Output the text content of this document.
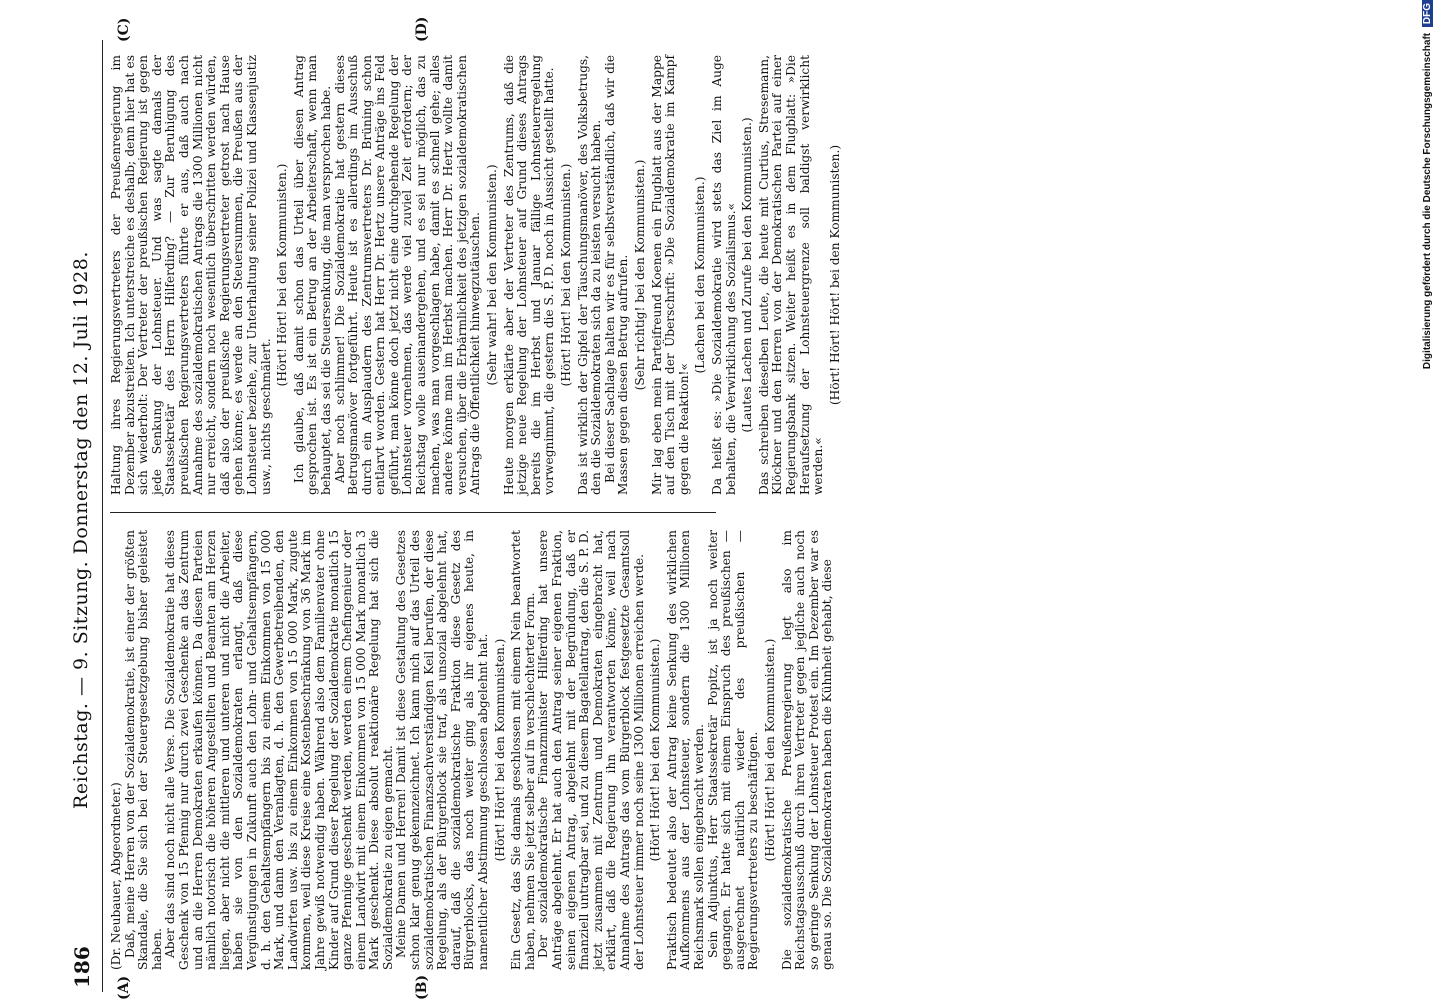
186
Reichstag. — 9. Sitzung. Donnerstag den 12. Juli 1928.
(A)	(B)
(C)	(D)

(Dr. Neubauer, Abgeordneter.) Daß, meine Herren von der Sozialdemokratie, ist einer der größten Skandale, die Sie sich bei der Steuergesetzgebung bisher geleistet haben. Aber das sind noch nicht alle Verse. Die Sozialdemokratie hat dieses Geschenk von 15 Pfennig nur durch zwei Geschenke an das Zentrum und an die Herren Demokraten erkaufen können. Da diesen Parteien nämlich notorisch die höheren Angestellten und Beamten am Herzen liegen, aber nicht die mittleren und unteren und nicht die Arbeiter, haben sie von den Sozialdemokraten erlangt, daß diese Vergünstigungen in Zukunft auch den Lohn- und Gehaltsempfängern, d. h. den Gehaltsempfängern bis zu einem Einkommen von 15 000 Mark, und dann den Veranlagten, d. h. den Gewerbetreibenden, den Landwirten usw. bis zu einem Einkommen von 15 000 Mark, zugute kommen, weil diese Kreise eine Kostenbeschränkung von 36 Mark im Jahre gewiß notwendig haben. Während also dem Familienvater ohne Kinder auf Grund dieser Regelung der Sozialdemokratie monatlich 15 ganze Pfennige geschenkt werden, werden einem Chefingenieur oder einem Landwirt mit einem Einkommen von 15 000 Mark monatlich 3 Mark geschenkt. Diese absolut reaktionäre Regelung hat sich die Sozialdemokratie zu eigen gemacht. Meine Damen und Herren! Damit ist diese Gestaltung des Gesetzes schon klar genug gekennzeichnet. Ich kann mich auf das Urteil des sozialdemokratischen Finanzsachverständigen Keil berufen, der diese Regelung, als der Bürgerblock sie traf, als unsozial abgelehnt hat, darauf, daß die sozialdemokratische Fraktion diese Gesetz des Bürgerblocks, das noch weiter ging als ihr eigenes heute, in namentlicher Abstimmung geschlossen abgelehnt hat. (Hört! Hört! bei den Kommunisten.) Ein Gesetz, das Sie damals geschlossen mit einem Nein beantwortet haben, nehmen Sie jetzt selber auf in verschlechterter Form. Der sozialdemokratische Finanzminister Hilferding hat unsere Anträge abgelehnt. Er hat auch den Antrag seiner eigenen Fraktion, seinen eigenen Antrag, abgelehnt mit der Begründung, daß er finanziell untragbar sei, und zu diesem Bagatellantrag, den die S. P. D. jetzt zusammen mit Zentrum und Demokraten eingebracht hat, erklärt, daß die Regierung ihn verantworten könne, weil nach Annahme des Antrags das vom Bürgerblock festgesetzte Gesamtsoll der Lohnsteuer immer noch seine 1300 Millionen erreichen werde. (Hört! Hört! bei den Kommunisten.) Praktisch bedeutet also der Antrag keine Senkung des wirklichen Aufkommens aus der Lohnsteuer, sondern die 1300 Millionen Reichsmark sollen eingebracht werden. Sein Adjunktus, Herr Staatssekretär Popitz, ist ja noch weiter gegangen. Er hatte sich mit einem Einspruch des preußischen — ausgerechnet natürlich wieder des preußischen — Regierungsvertreters zu beschäftigen. (Hört! Hört! bei den Kommunisten.) Die sozialdemokratische Preußenregierung legt also im Reichstagsausschuß durch ihren Vertreter gegen jegliche auch noch so geringe Senkung der Lohnsteuer Protest ein. Im Dezember war es genau so. Die Sozialdemokraten haben die Kühnheit gehabt, diese

Haltung ihres Regierungsvertreters der Preußenregierung im Dezember abzustreiten. Ich unterstreiche es deshalb; denn hier hat es sich wiederholt: Der Vertreter der preußischen Regierung ist gegen jede Senkung der Lohnsteuer. Und was sagte damals der Staatssekretär des Herrn Hilferding? — Zur Beruhigung des preußischen Regierungsvertreters führte er aus, daß auch nach Annahme des sozialdemokratischen Antrags die 1300 Millionen nicht nur erreicht, sondern noch wesentlich überschritten werden würden, daß also der preußische Regierungsvertreter getrost nach Hause gehen könne; es werde an den Steuersummen, die Preußen aus der Lohnsteuer beziehe, zur Unterhaltung seiner Polizei und Klassenjustiz usw., nichts geschmälert.

(Hört! Hört! bei den Kommunisten.) Ich glaube, daß damit schon das Urteil über diesen Antrag gesprochen ist. Es ist ein Betrug an der Arbeiterschaft, wenn man behauptet, das sei die Steuersenkung, die man versprochen habe. Aber noch schlimmer! Die Sozialdemokratie hat gestern dieses Betrugsmanöver fortgeführt. Heute ist es allerdings im Ausschuß durch ein Ausplaudern des Zentrumsvertreters Dr. Brüning schon entlarvt worden. Gestern hat Herr Dr. Hertz unsere Anträge ins Feld geführt, man könne doch jetzt nicht eine durchgehende Regelung der Lohnsteuer vornehmen, das werde viel zuviel Zeit erfordern; der Reichstag wolle auseinandergehen, und es sei nur möglich, das zu machen, was man vorgeschlagen habe, damit es schnell gehe; alles andere könne man im Herbst machen. Herr Dr. Hertz wollte damit versuchen, über die Erbärmlichkeit des jetzigen sozialdemokratischen Antrags die Öffentlichkeit hinwegzutäuschen. (Sehr wahr! bei den Kommunisten.) Heute morgen erklärte aber der Vertreter des Zentrums, daß die jetzige neue Regelung der Lohnsteuer auf Grund dieses Antrags bereits die im Herbst und Januar fällige Lohnsteuerregelung vorwegnimmt, die gestern die S. P. D. noch in Aussicht gestellt hatte. (Hört! Hört! bei den Kommunisten.) Das ist wirklich der Gipfel der Täuschungsmanöver, des Volksbetrugs, den die Sozialdemokraten sich da zu leisten versucht haben. Bei dieser Sachlage halten wir es für selbstverständlich, daß wir die Massen gegen diesen Betrug aufrufen. (Sehr richtig! bei den Kommunisten.) Mir lag eben mein Parteifreund Koenen ein Flugblatt aus der Mappe auf den Tisch mit der Überschrift: »Die Sozialdemokratie im Kampf gegen die Reaktion!«

(Lachen bei den Kommunisten.) Da heißt es: »Die Sozialdemokratie wird stets das Ziel im Auge behalten, die Verwirklichung des Sozialismus.« (Lautes Lachen und Zurufe bei den Kommunisten.) Das schreiben dieselben Leute, die heute mit Curtius, Stresemann, Klöckner und den Herren von der Demokratischen Partei auf einer Regierungsbank sitzen. Weiter heißt es in dem Flugblatt: »Die Heraufsetzung der Lohnsteuergrenze soll baldigst verwirklicht werden.«

(Hört! Hört! Hört! bei den Kommunisten.)	Digitalisierung gefördert durch die Deutsche Forschungsgemeinschaft DFG
